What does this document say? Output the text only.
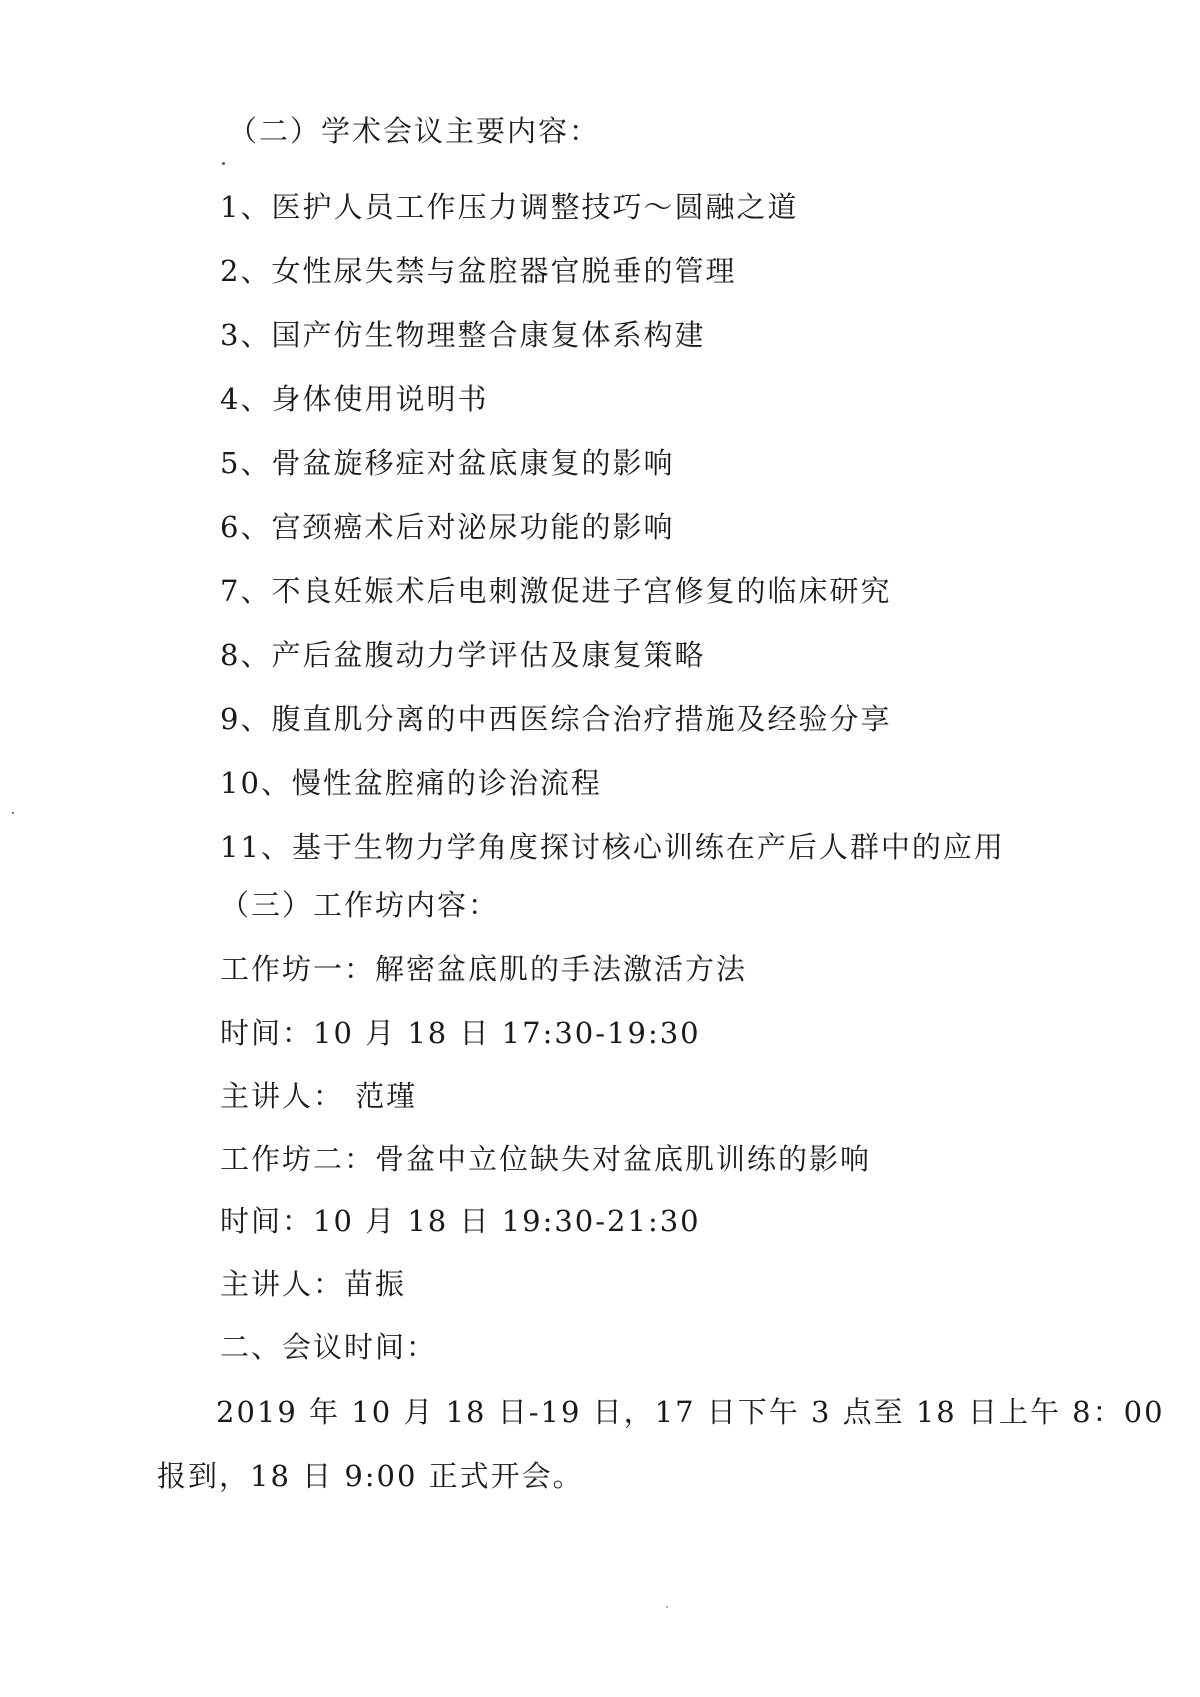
（二）学术会议主要内容：
1、医护人员工作压力调整技巧～圆融之道
2、女性尿失禁与盆腔器官脱垂的管理
3、国产仿生物理整合康复体系构建
4、身体使用说明书
5、骨盆旋移症对盆底康复的影响
6、宫颈癌术后对泌尿功能的影响
7、不良妊娠术后电刺激促进子宫修复的临床研究
8、产后盆腹动力学评估及康复策略
9、腹直肌分离的中西医综合治疗措施及经验分享
10、慢性盆腔痛的诊治流程
11、基于生物力学角度探讨核心训练在产后人群中的应用
（三）工作坊内容：
工作坊一：解密盆底肌的手法激活方法
时间：10 月 18 日 17:30-19:30
主讲人： 范瑾
工作坊二：骨盆中立位缺失对盆底肌训练的影响
时间：10 月 18 日 19:30-21:30
主讲人：苗振
二、会议时间：
2019 年 10 月 18 日-19 日，17 日下午 3 点至 18 日上午 8：00
报到，18 日 9:00 正式开会。
